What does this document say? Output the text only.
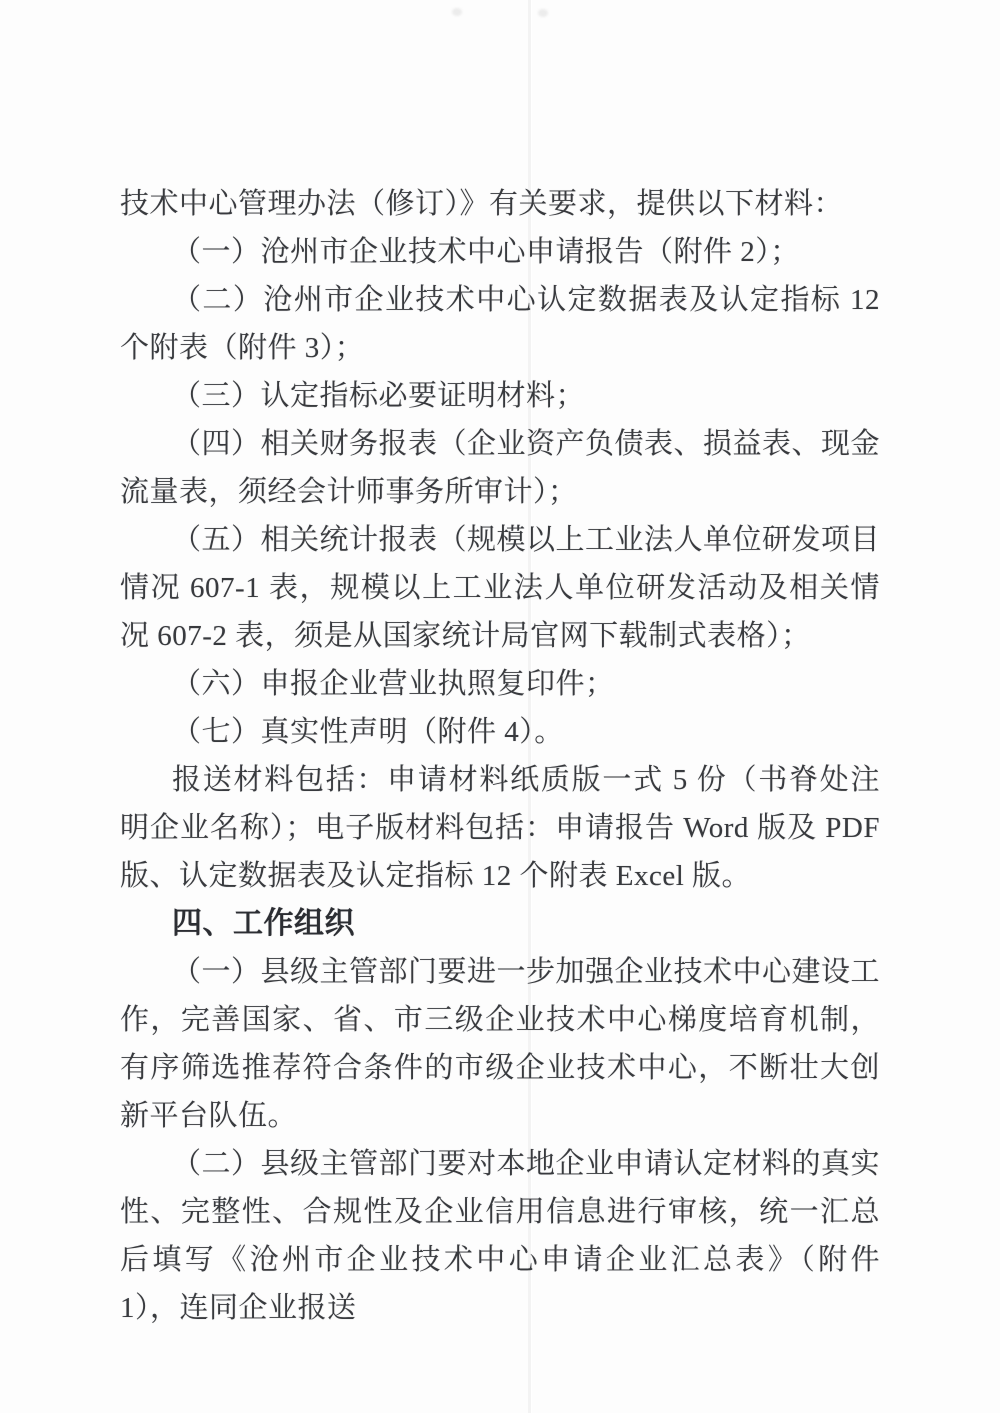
技术中心管理办法（修订）》有关要求，提供以下材料：

（一）沧州市企业技术中心申请报告（附件 2）；

（二）沧州市企业技术中心认定数据表及认定指标 12 个附表（附件 3）；

（三）认定指标必要证明材料；

（四）相关财务报表（企业资产负债表、损益表、现金流量表，须经会计师事务所审计）；

（五）相关统计报表（规模以上工业法人单位研发项目情况 607-1 表，规模以上工业法人单位研发活动及相关情况 607-2 表，须是从国家统计局官网下载制式表格）；

（六）申报企业营业执照复印件；

（七）真实性声明（附件 4）。

报送材料包括：申请材料纸质版一式 5 份（书脊处注明企业名称）；电子版材料包括：申请报告 Word 版及 PDF 版、认定数据表及认定指标 12 个附表 Excel 版。

四、工作组织

（一）县级主管部门要进一步加强企业技术中心建设工作，完善国家、省、市三级企业技术中心梯度培育机制，有序筛选推荐符合条件的市级企业技术中心，不断壮大创新平台队伍。

（二）县级主管部门要对本地企业申请认定材料的真实性、完整性、合规性及企业信用信息进行审核，统一汇总后填写《沧州市企业技术中心申请企业汇总表》（附件 1），连同企业报送
